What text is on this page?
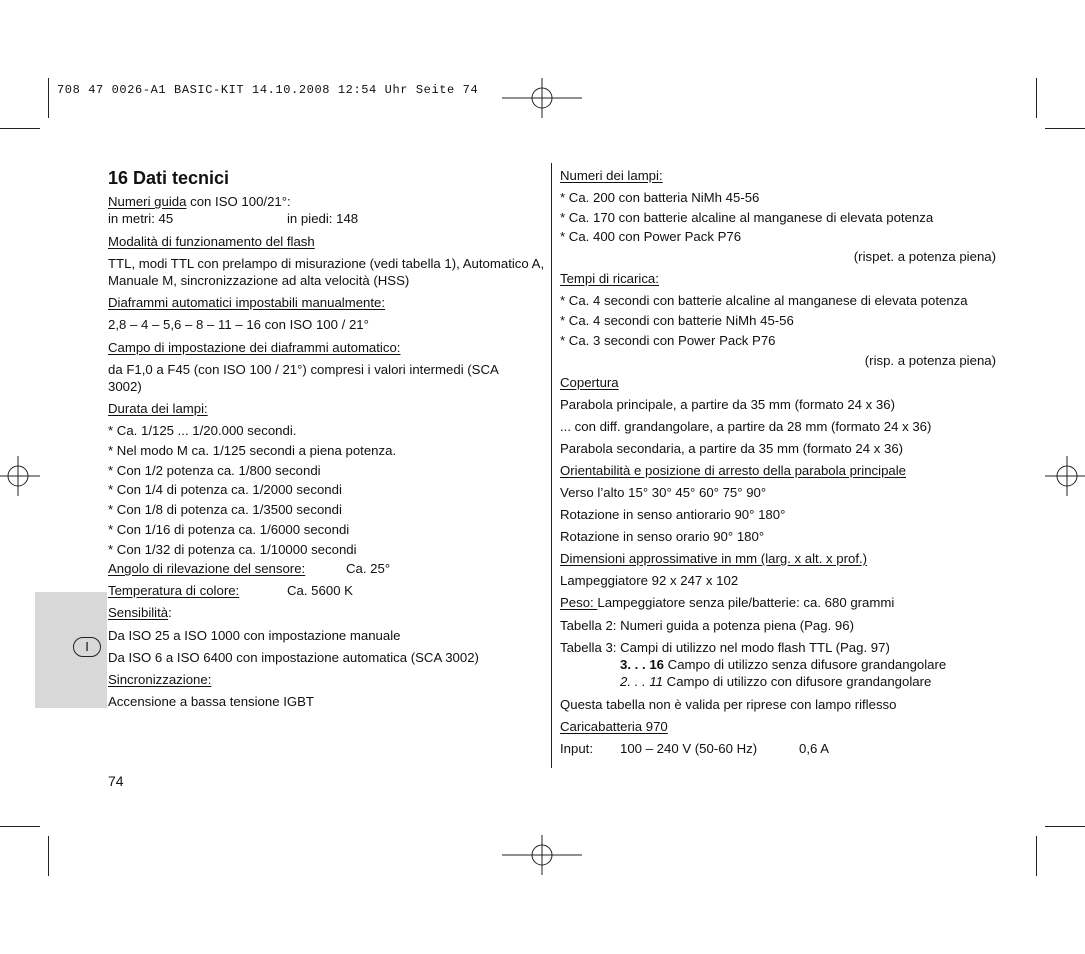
708 47 0026-A1 BASIC-KIT 14.10.2008 12:54 Uhr Seite 74
I
16 Dati tecnici
Numeri guida con ISO 100/21°:
in metri: 45	in piedi: 148
Modalità di funzionamento del flash
TTL, modi TTL con prelampo di misurazione (vedi tabella 1), Automatico A,
Manuale M, sincronizzazione ad alta velocità (HSS)
Diaframmi automatici impostabili manualmente:
2,8 – 4 – 5,6 – 8 – 11 – 16 con ISO 100 / 21°
Campo di impostazione dei diaframmi automatico:
da F1,0 a F45 (con ISO 100 / 21°) compresi i valori intermedi (SCA
3002)
Durata dei lampi:
* Ca. 1/125 ... 1/20.000 secondi.
* Nel modo M ca. 1/125 secondi a piena potenza.
* Con 1/2 potenza ca. 1/800 secondi
* Con 1/4 di potenza ca. 1/2000 secondi
* Con 1/8 di potenza ca. 1/3500 secondi
* Con 1/16 di potenza ca. 1/6000 secondi
* Con 1/32 di potenza ca. 1/10000 secondi
Angolo di rilevazione del sensore:	Ca. 25°
Temperatura di colore:	Ca. 5600 K
Sensibilità:
Da ISO 25 a ISO 1000 con impostazione manuale
Da ISO 6 a ISO 6400 con impostazione automatica (SCA 3002)
Sincronizzazione:
Accensione a bassa tensione IGBT
74
Numeri dei lampi:
* Ca. 200 con batteria NiMh 45-56
* Ca. 170 con batterie alcaline al manganese di elevata potenza
* Ca. 400 con Power Pack P76
(rispet. a potenza piena)
Tempi di ricarica:
* Ca. 4 secondi con batterie alcaline al manganese di elevata potenza
* Ca. 4 secondi con batterie NiMh 45-56
* Ca. 3 secondi con Power Pack P76
(risp. a potenza piena)
Copertura
Parabola principale, a partire da 35 mm (formato 24 x 36)
... con diff. grandangolare, a partire da 28 mm (formato 24 x 36)
Parabola secondaria, a partire da 35 mm (formato 24 x 36)
Orientabilità e posizione di arresto della parabola principale
Verso l’alto 15° 30° 45° 60° 75° 90°
Rotazione in senso antiorario 90° 180°
Rotazione in senso orario 90° 180°
Dimensioni approssimative in mm (larg. x alt. x prof.)
Lampeggiatore 92 x 247 x 102
Peso: Lampeggiatore senza pile/batterie: ca. 680 grammi
Tabella 2: Numeri guida a potenza piena (Pag. 96)
Tabella 3: Campi di utilizzo nel modo flash TTL (Pag. 97)
3. . . 16 Campo di utilizzo senza difusore grandangolare
2. . . 11 Campo di utilizzo con difusore grandangolare
Questa tabella non è valida per riprese con lampo riflesso
Caricabatteria 970
Input: 100 – 240 V (50-60 Hz)	0,6 A
